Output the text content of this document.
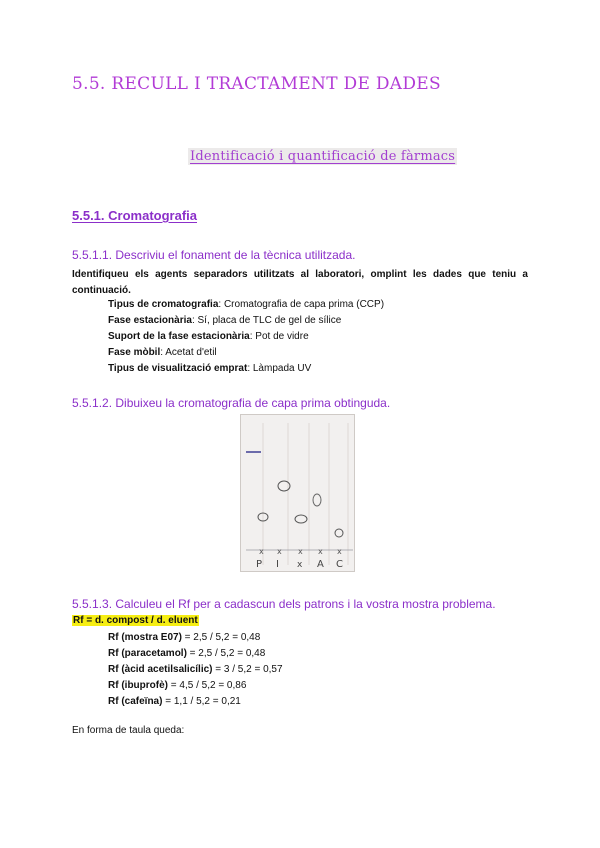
5.5. RECULL I TRACTAMENT DE DADES
Identificació i quantificació de fàrmacs
5.5.1. Cromatografia
5.5.1.1. Descriviu el fonament de la tècnica utilitzada.
Identifiqueu els agents separadors utilitzats al laboratori, omplint les dades que teniu a
continuació.
Tipus de cromatografia: Cromatografia de capa prima (CCP)
Fase estacionària: Sí, placa de TLC de gel de sílice
Suport de la fase estacionària: Pot de vidre
Fase mòbil: Acetat d'etil
Tipus de visualització emprat: Làmpada UV
5.5.1.2. Dibuixeu la cromatografia de capa prima obtinguda.
x x x x x
P I x A C
5.5.1.3. Calculeu el Rf per a cadascun dels patrons i la vostra mostra problema.
Rf = d. compost / d. eluent
Rf (mostra E07) = 2,5 / 5,2 = 0,48
Rf (paracetamol) = 2,5 / 5,2 = 0,48
Rf (àcid acetilsalicílic) = 3 / 5,2 = 0,57
Rf (ibuprofè) = 4,5 / 5,2 = 0,86
Rf (cafeïna) = 1,1 / 5,2 = 0,21
En forma de taula queda:
